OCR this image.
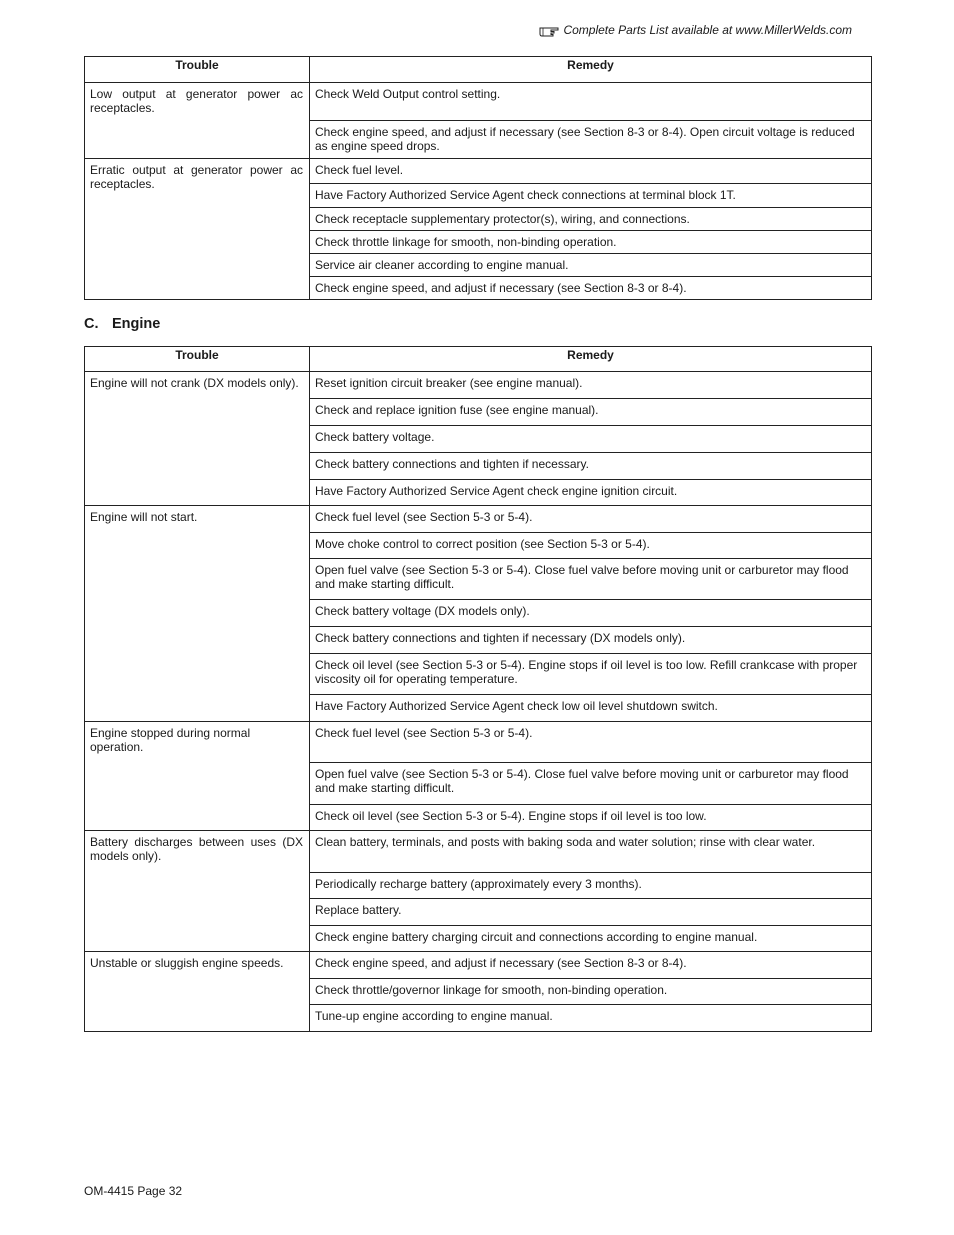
Complete Parts List available at www.MillerWelds.com
Trouble	Remedy
Low output at generator power ac receptacles.	Check Weld Output control setting.
	Check engine speed, and adjust if necessary (see Section 8-3 or 8-4). Open circuit voltage is reduced as engine speed drops.
Erratic output at generator power ac receptacles.	Check fuel level.
	Have Factory Authorized Service Agent check connections at terminal block 1T.
	Check receptacle supplementary protector(s), wiring, and connections.
	Check throttle linkage for smooth, non-binding operation.
	Service air cleaner according to engine manual.
	Check engine speed, and adjust if necessary (see Section 8-3 or 8-4).
C. Engine
Trouble	Remedy
Engine will not crank (DX models only).	Reset ignition circuit breaker (see engine manual).
	Check and replace ignition fuse (see engine manual).
	Check battery voltage.
	Check battery connections and tighten if necessary.
	Have Factory Authorized Service Agent check engine ignition circuit.
Engine will not start.	Check fuel level (see Section 5-3 or 5-4).
	Move choke control to correct position (see Section 5-3 or 5-4).
	Open fuel valve (see Section 5-3 or 5-4). Close fuel valve before moving unit or carburetor may flood and make starting difficult.
	Check battery voltage (DX models only).
	Check battery connections and tighten if necessary (DX models only).
	Check oil level (see Section 5-3 or 5-4). Engine stops if oil level is too low. Refill crankcase with proper viscosity oil for operating temperature.
	Have Factory Authorized Service Agent check low oil level shutdown switch.
Engine stopped during normal operation.	Check fuel level (see Section 5-3 or 5-4).
	Open fuel valve (see Section 5-3 or 5-4). Close fuel valve before moving unit or carburetor may flood and make starting difficult.
	Check oil level (see Section 5-3 or 5-4). Engine stops if oil level is too low.
Battery discharges between uses (DX models only).	Clean battery, terminals, and posts with baking soda and water solution; rinse with clear water.
	Periodically recharge battery (approximately every 3 months).
	Replace battery.
	Check engine battery charging circuit and connections according to engine manual.
Unstable or sluggish engine speeds.	Check engine speed, and adjust if necessary (see Section 8-3 or 8-4).
	Check throttle/governor linkage for smooth, non-binding operation.
	Tune-up engine according to engine manual.
OM-4415 Page 32
